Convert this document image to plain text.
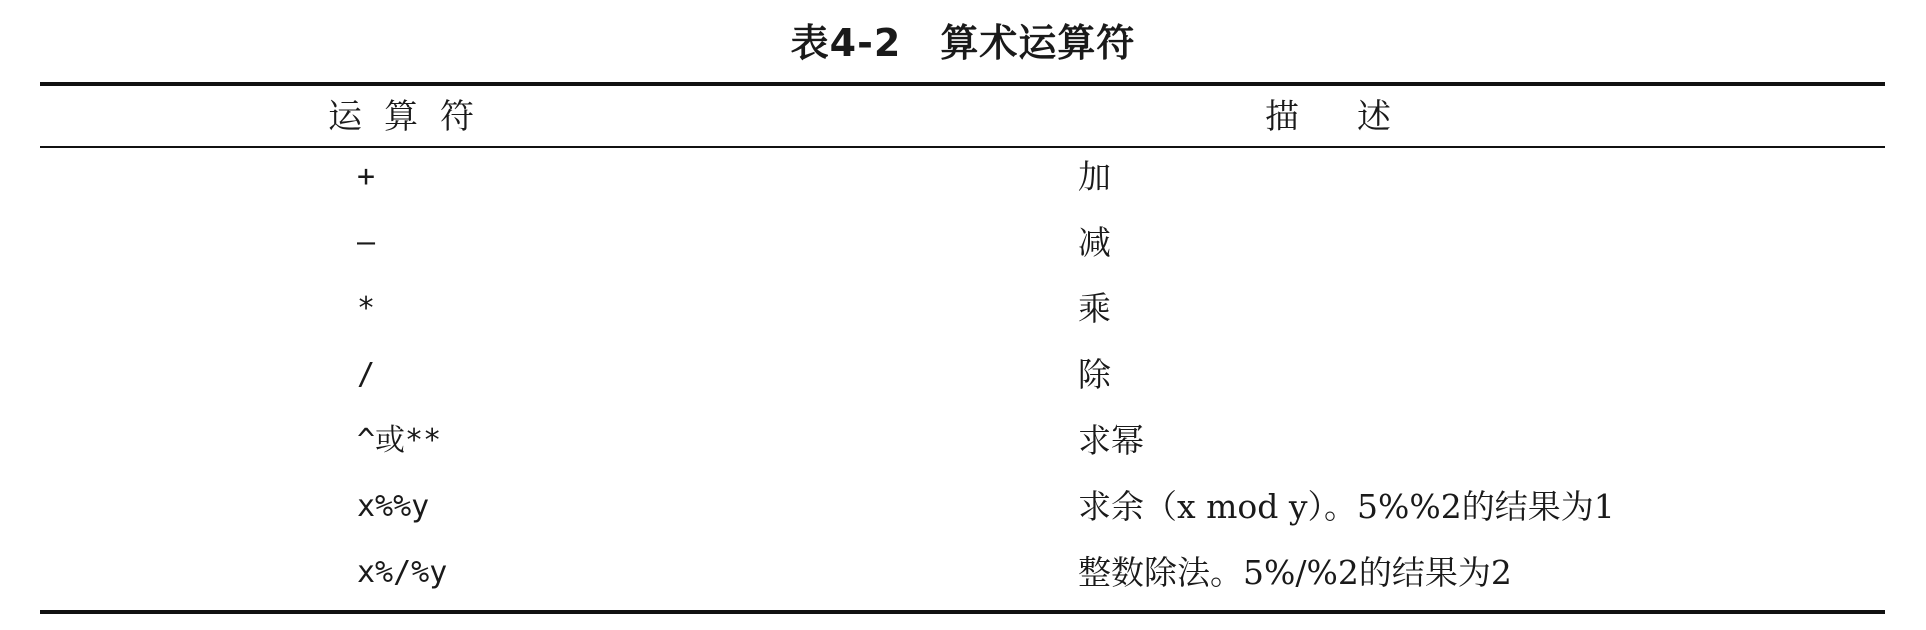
表4-2　算术运算符
运算符	描述
+	加
–	减
*	乘
/	除
^或**	求幂
x%%y	求余（x mod y）。5%%2的结果为1
x%/%y	整数除法。5%/%2的结果为2
